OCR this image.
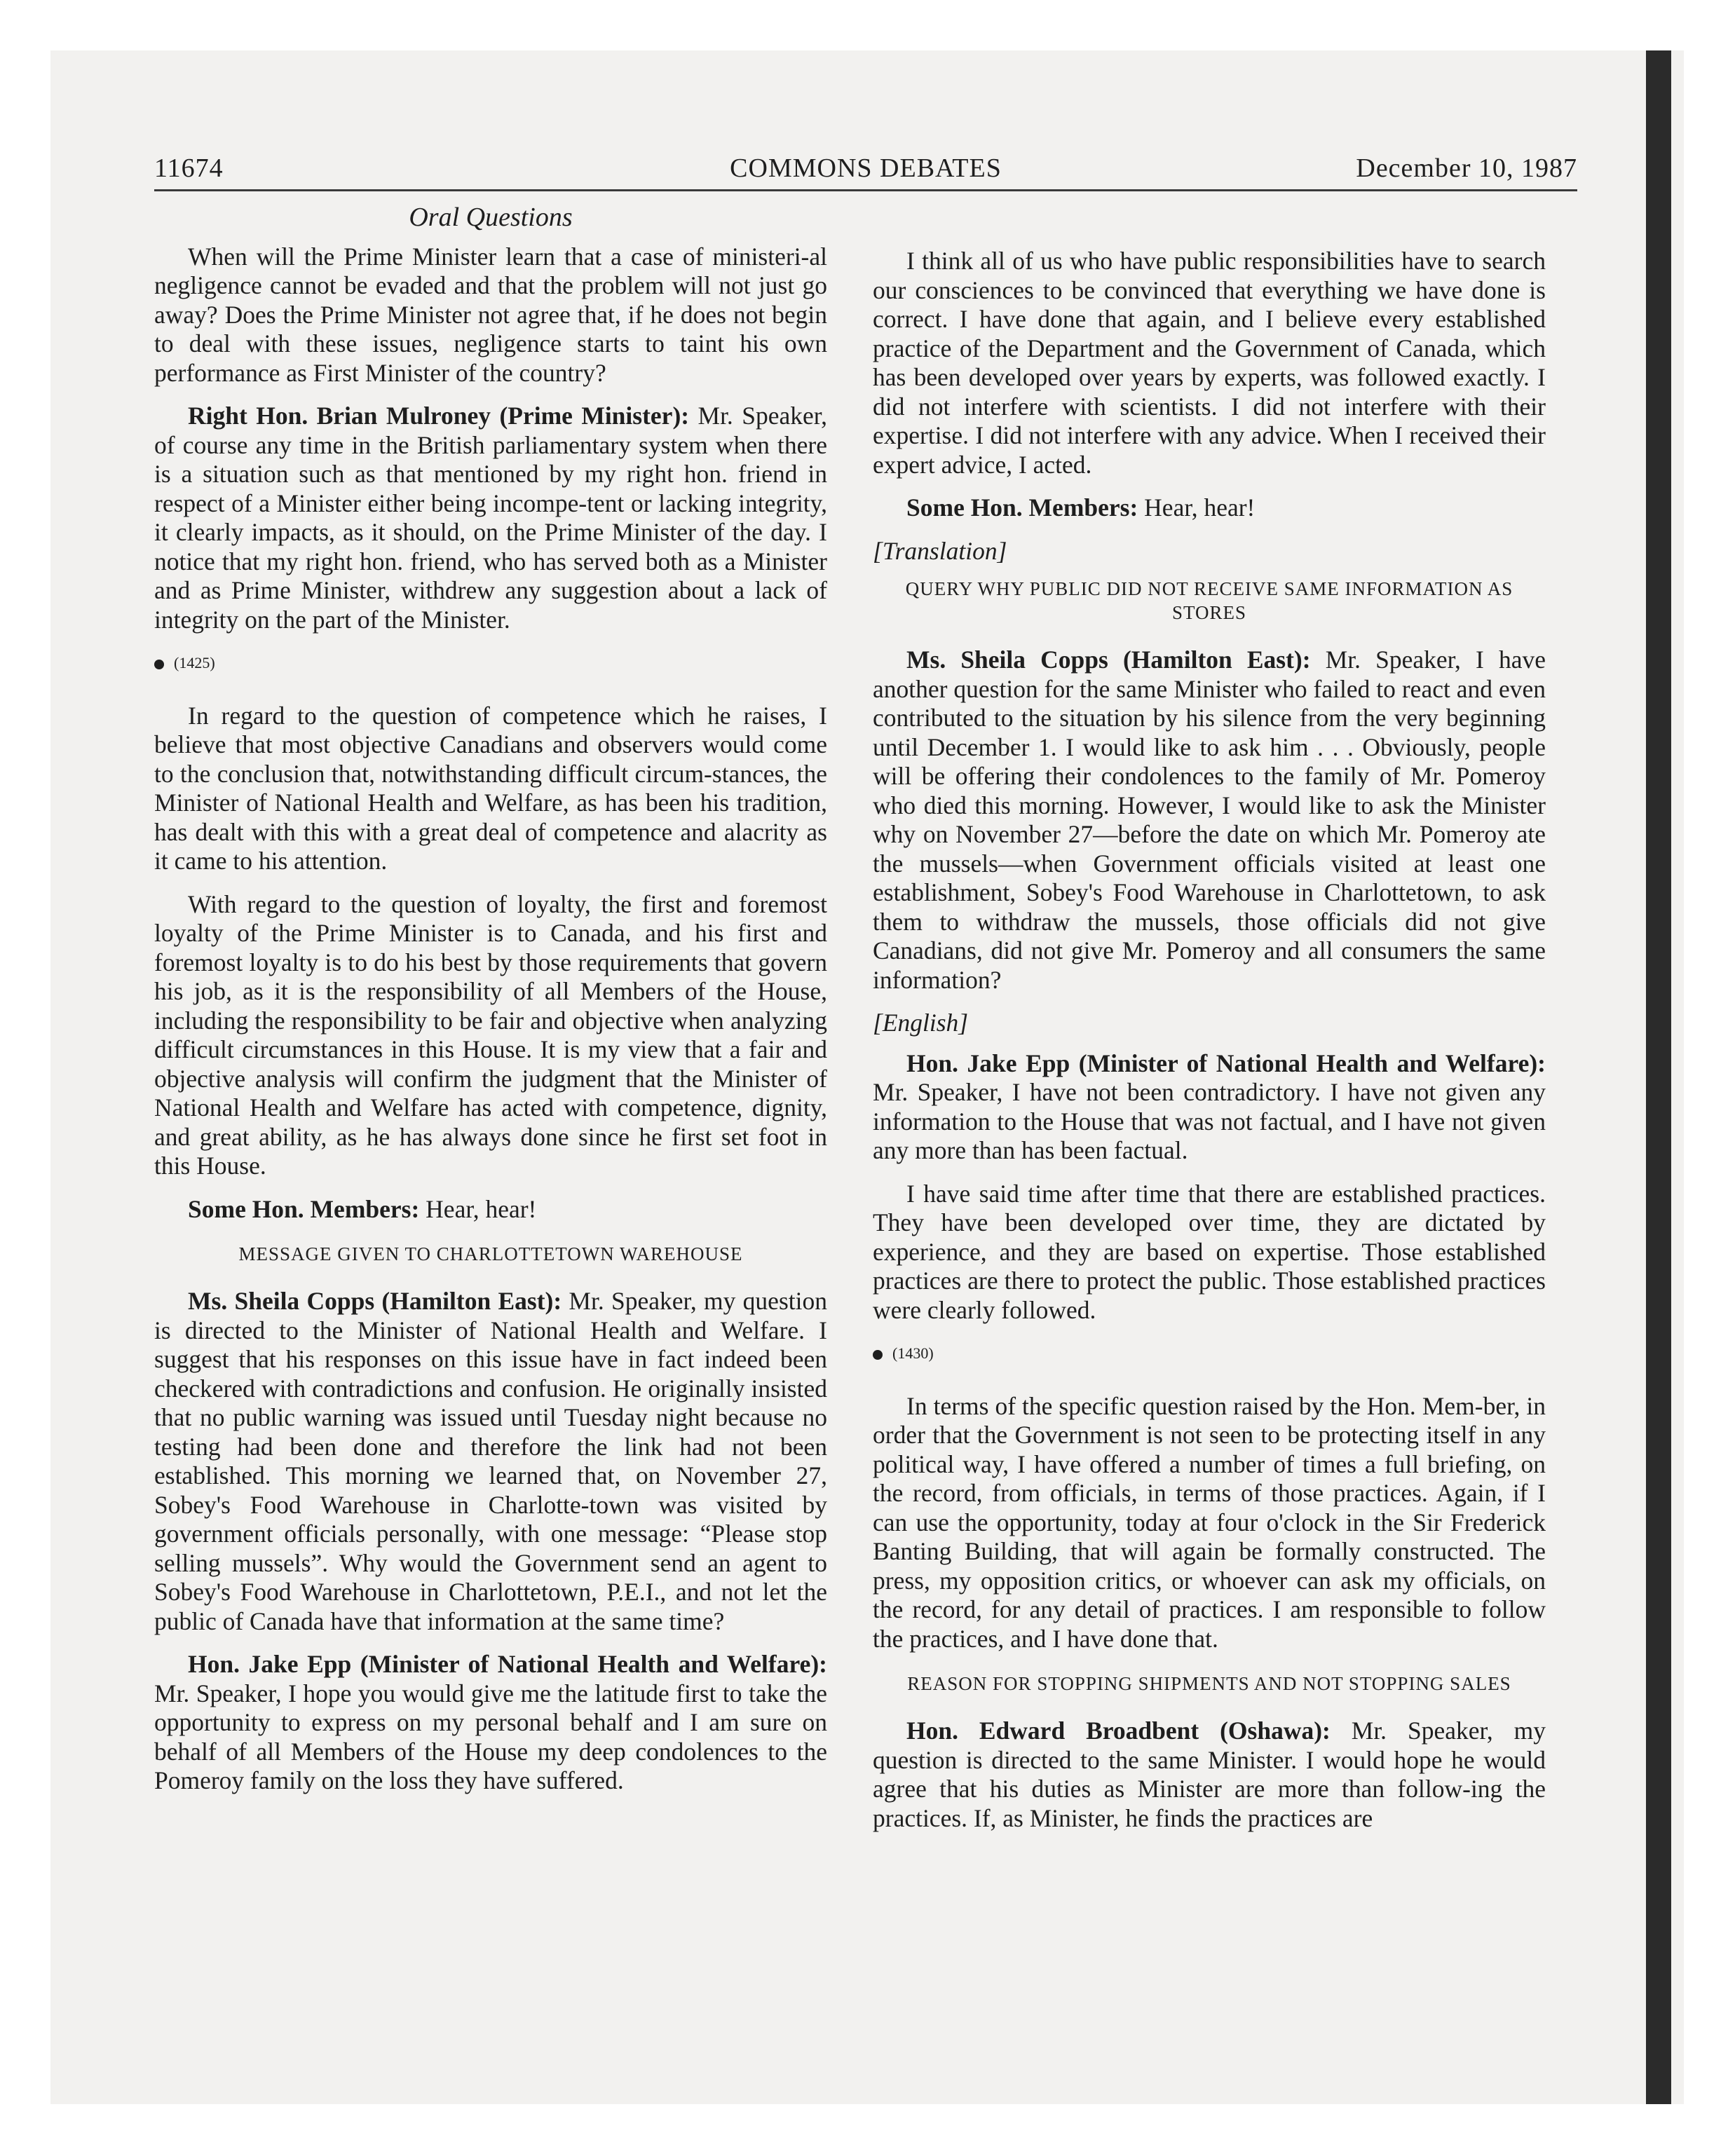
11674	COMMONS DEBATES	December 10, 1987
Oral Questions

When will the Prime Minister learn that a case of ministeri-al negligence cannot be evaded and that the problem will not just go away? Does the Prime Minister not agree that, if he does not begin to deal with these issues, negligence starts to taint his own performance as First Minister of the country?

Right Hon. Brian Mulroney (Prime Minister): Mr. Speaker, of course any time in the British parliamentary system when there is a situation such as that mentioned by my right hon. friend in respect of a Minister either being incompe-tent or lacking integrity, it clearly impacts, as it should, on the Prime Minister of the day. I notice that my right hon. friend, who has served both as a Minister and as Prime Minister, withdrew any suggestion about a lack of integrity on the part of the Minister.

(1425)

In regard to the question of competence which he raises, I believe that most objective Canadians and observers would come to the conclusion that, notwithstanding difficult circum-stances, the Minister of National Health and Welfare, as has been his tradition, has dealt with this with a great deal of competence and alacrity as it came to his attention.

With regard to the question of loyalty, the first and foremost loyalty of the Prime Minister is to Canada, and his first and foremost loyalty is to do his best by those requirements that govern his job, as it is the responsibility of all Members of the House, including the responsibility to be fair and objective when analyzing difficult circumstances in this House. It is my view that a fair and objective analysis will confirm the judgment that the Minister of National Health and Welfare has acted with competence, dignity, and great ability, as he has always done since he first set foot in this House.

Some Hon. Members: Hear, hear!

MESSAGE GIVEN TO CHARLOTTETOWN WAREHOUSE

Ms. Sheila Copps (Hamilton East): Mr. Speaker, my question is directed to the Minister of National Health and Welfare. I suggest that his responses on this issue have in fact indeed been checkered with contradictions and confusion. He originally insisted that no public warning was issued until Tuesday night because no testing had been done and therefore the link had not been established. This morning we learned that, on November 27, Sobey's Food Warehouse in Charlotte-town was visited by government officials personally, with one message: “Please stop selling mussels”. Why would the Government send an agent to Sobey's Food Warehouse in Charlottetown, P.E.I., and not let the public of Canada have that information at the same time?

Hon. Jake Epp (Minister of National Health and Welfare): Mr. Speaker, I hope you would give me the latitude first to take the opportunity to express on my personal behalf and I am sure on behalf of all Members of the House my deep condolences to the Pomeroy family on the loss they have suffered.

I think all of us who have public responsibilities have to search our consciences to be convinced that everything we have done is correct. I have done that again, and I believe every established practice of the Department and the Government of Canada, which has been developed over years by experts, was followed exactly. I did not interfere with scientists. I did not interfere with their expertise. I did not interfere with any advice. When I received their expert advice, I acted.

Some Hon. Members: Hear, hear!

[Translation]
QUERY WHY PUBLIC DID NOT RECEIVE SAME INFORMATION AS STORES

Ms. Sheila Copps (Hamilton East): Mr. Speaker, I have another question for the same Minister who failed to react and even contributed to the situation by his silence from the very beginning until December 1. I would like to ask him . . . Obviously, people will be offering their condolences to the family of Mr. Pomeroy who died this morning. However, I would like to ask the Minister why on November 27—before the date on which Mr. Pomeroy ate the mussels—when Government officials visited at least one establishment, Sobey's Food Warehouse in Charlottetown, to ask them to withdraw the mussels, those officials did not give Canadians, did not give Mr. Pomeroy and all consumers the same information?

[English]

Hon. Jake Epp (Minister of National Health and Welfare): Mr. Speaker, I have not been contradictory. I have not given any information to the House that was not factual, and I have not given any more than has been factual.

I have said time after time that there are established practices. They have been developed over time, they are dictated by experience, and they are based on expertise. Those established practices are there to protect the public. Those established practices were clearly followed.

(1430)

In terms of the specific question raised by the Hon. Mem-ber, in order that the Government is not seen to be protecting itself in any political way, I have offered a number of times a full briefing, on the record, from officials, in terms of those practices. Again, if I can use the opportunity, today at four o'clock in the Sir Frederick Banting Building, that will again be formally constructed. The press, my opposition critics, or whoever can ask my officials, on the record, for any detail of practices. I am responsible to follow the practices, and I have done that.

REASON FOR STOPPING SHIPMENTS AND NOT STOPPING SALES

Hon. Edward Broadbent (Oshawa): Mr. Speaker, my question is directed to the same Minister. I would hope he would agree that his duties as Minister are more than follow-ing the practices. If, as Minister, he finds the practices are
